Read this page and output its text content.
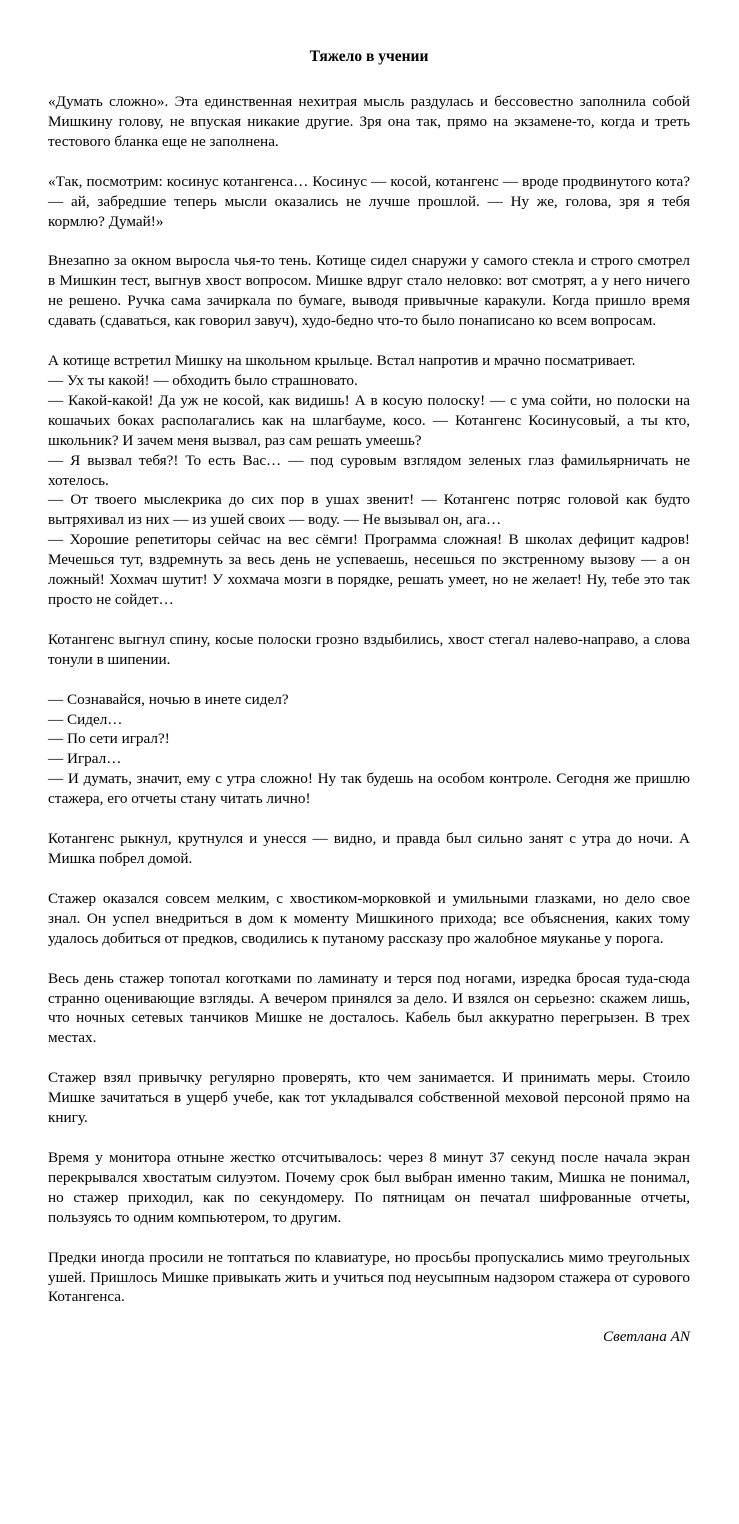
Тяжело в учении
«Думать сложно». Эта единственная нехитрая мысль раздулась и бессовестно заполнила собой Мишкину голову, не впуская никакие другие. Зря она так, прямо на экзамене-то, когда и треть тестового бланка еще не заполнена.
«Так, посмотрим: косинус котангенса… Косинус — косой, котангенс — вроде продвинутого кота? — ай, забредшие теперь мысли оказались не лучше прошлой. — Ну же, голова, зря я тебя кормлю? Думай!»
Внезапно за окном выросла чья-то тень. Котище сидел снаружи у самого стекла и строго смотрел в Мишкин тест, выгнув хвост вопросом. Мишке вдруг стало неловко: вот смотрят, а у него ничего не решено. Ручка сама зачиркала по бумаге, выводя привычные каракули. Когда пришло время сдавать (сдаваться, как говорил завуч), худо-бедно что-то было понаписано ко всем вопросам.
А котище встретил Мишку на школьном крыльце. Встал напротив и мрачно посматривает.
— Ух ты какой! — обходить было страшновато.
— Какой-какой! Да уж не косой, как видишь! А в косую полоску! — с ума сойти, но полоски на кошачьих боках располагались как на шлагбауме, косо. — Котангенс Косинусовый, а ты кто, школьник? И зачем меня вызвал, раз сам решать умеешь?
— Я вызвал тебя?! То есть Вас… — под суровым взглядом зеленых глаз фамильярничать не хотелось.
— От твоего мыслекрика до сих пор в ушах звенит! — Котангенс потряс головой как будто вытряхивал из них — из ушей своих — воду. — Не вызывал он, ага…
— Хорошие репетиторы сейчас на вес сёмги! Программа сложная! В школах дефицит кадров! Мечешься тут, вздремнуть за весь день не успеваешь, несешься по экстренному вызову — а он ложный! Хохмач шутит! У хохмача мозги в порядке, решать умеет, но не желает! Ну, тебе это так просто не сойдет…
Котангенс выгнул спину, косые полоски грозно вздыбились, хвост стегал налево-направо, а слова тонули в шипении.
— Сознавайся, ночью в инете сидел?
— Сидел…
— По сети играл?!
— Играл…
— И думать, значит, ему с утра сложно! Ну так будешь на особом контроле. Сегодня же пришлю стажера, его отчеты стану читать лично!
Котангенс рыкнул, крутнулся и унесся — видно, и правда был сильно занят с утра до ночи. А Мишка побрел домой.
Стажер оказался совсем мелким, с хвостиком-морковкой и умильными глазками, но дело свое знал. Он успел внедриться в дом к моменту Мишкиного прихода; все объяснения, каких тому удалось добиться от предков, сводились к путаному рассказу про жалобное мяуканье у порога.
Весь день стажер топотал коготками по ламинату и терся под ногами, изредка бросая туда-сюда странно оценивающие взгляды. А вечером принялся за дело. И взялся он серьезно: скажем лишь, что ночных сетевых танчиков Мишке не досталось. Кабель был аккуратно перегрызен. В трех местах.
Стажер взял привычку регулярно проверять, кто чем занимается. И принимать меры. Стоило Мишке зачитаться в ущерб учебе, как тот укладывался собственной меховой персоной прямо на книгу.
Время у монитора отныне жестко отсчитывалось: через 8 минут 37 секунд после начала экран перекрывался хвостатым силуэтом. Почему срок был выбран именно таким, Мишка не понимал, но стажер приходил, как по секундомеру. По пятницам он печатал шифрованные отчеты, пользуясь то одним компьютером, то другим.
Предки иногда просили не топтаться по клавиатуре, но просьбы пропускались мимо треугольных ушей. Пришлось Мишке привыкать жить и учиться под неусыпным надзором стажера от сурового Котангенса.
Светлана AN
